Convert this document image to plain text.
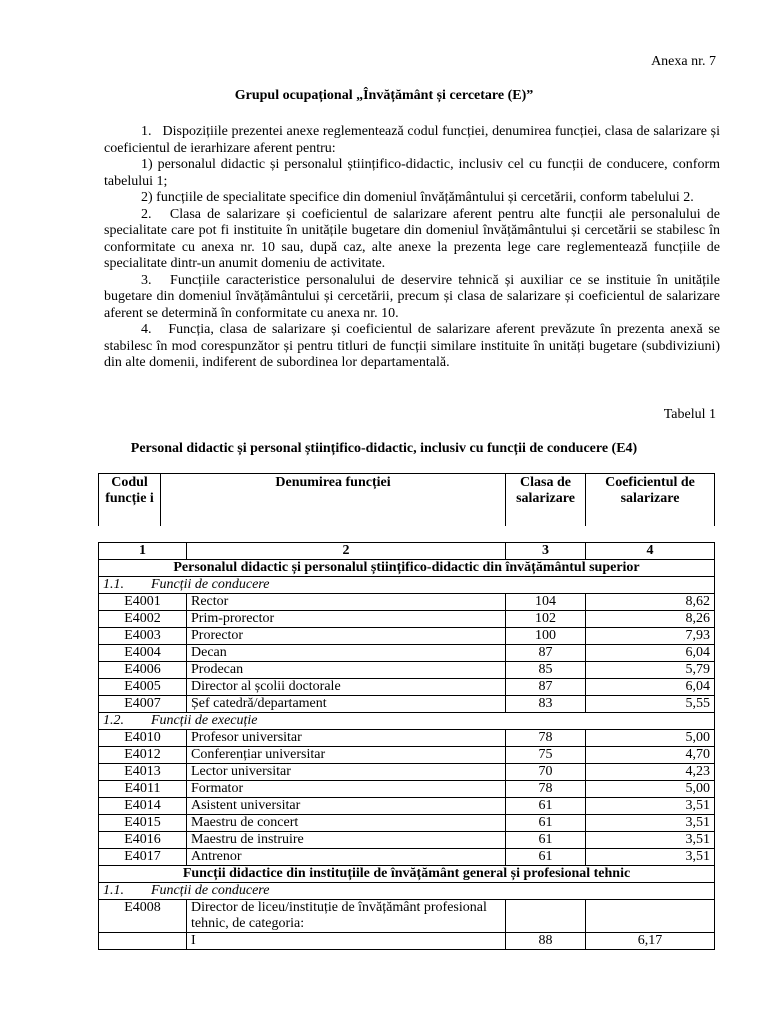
Anexa nr. 7
Grupul ocupațional „Învățământ și cercetare (E)”

1.   Dispozițiile prezentei anexe reglementează codul funcției, denumirea funcției, clasa de salarizare și coeficientul de ierarhizare aferent pentru:

1) personalul didactic și personalul științifico-didactic, inclusiv cel cu funcții de conducere, conform tabelului 1;

2) funcțiile de specialitate specifice din domeniul învățământului și cercetării, conform tabelului 2.

2.   Clasa de salarizare și coeficientul de salarizare aferent pentru alte funcții ale personalului de specialitate care pot fi instituite în unitățile bugetare din domeniul învățământului și cercetării se stabilesc în conformitate cu anexa nr. 10 sau, după caz, alte anexe la prezenta lege care reglementează funcțiile de specialitate dintr-un anumit domeniu de activitate.

3.   Funcțiile caracteristice personalului de deservire tehnică și auxiliar ce se instituie în unitățile bugetare din domeniul învățământului și cercetării, precum și clasa de salarizare și coeficientul de salarizare aferent se determină în conformitate cu anexa nr. 10.

4.   Funcția, clasa de salarizare și coeficientul de salarizare aferent prevăzute în prezenta anexă se stabilesc în mod corespunzător și pentru titluri de funcții similare instituite în unități bugetare (subdiviziuni) din alte domenii, indiferent de subordinea lor departamentală.

Tabelul 1
Personal didactic și personal științifico-didactic, inclusiv cu funcții de conducere (E4)
Codul funcție i	Denumirea funcției	Clasa de salarizare	Coeficientul de salarizare
1	2	3	4
Personalul didactic și personalul științifico-didactic din învățământul superior			
1.1. Funcții de conducere			
E4001	Rector	104	8,62
E4002	Prim-prorector	102	8,26
E4003	Prorector	100	7,93
E4004	Decan	87	6,04
E4006	Prodecan	85	5,79
E4005	Director al școlii doctorale	87	6,04
E4007	Șef catedră/departament	83	5,55
1.2. Funcții de execuție			
E4010	Profesor universitar	78	5,00
E4012	Conferențiar universitar	75	4,70
E4013	Lector universitar	70	4,23
E4011	Formator	78	5,00
E4014	Asistent universitar	61	3,51
E4015	Maestru de concert	61	3,51
E4016	Maestru de instruire	61	3,51
E4017	Antrenor	61	3,51
Funcții didactice din instituțiile de învățământ general și profesional tehnic			
1.1. Funcții de conducere			
E4008	Director de liceu/instituție de învățământ profesional tehnic, de categoria:		
	I	88	6,17
